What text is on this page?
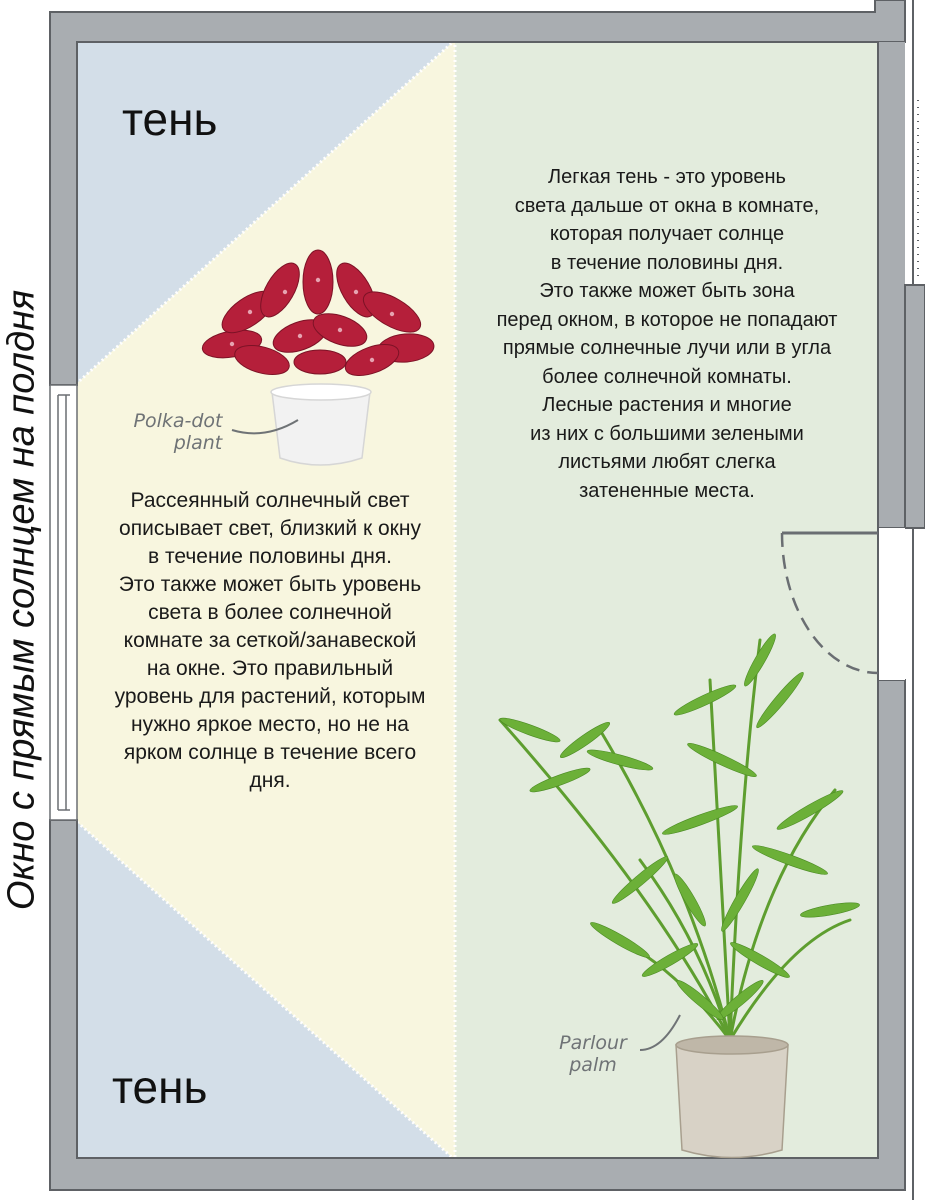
Окно с прямым солнцем на полдня
тень
тень
Polka-dot
plant
Parlour
palm
Рассеянный солнечный свет
описывает свет, близкий к окну
в течение половины дня.
Это также может быть уровень
света в более солнечной
комнате за сеткой/занавеской
на окне. Это правильный
уровень для растений, которым
нужно яркое место, но не на
ярком солнце в течение всего
дня.
Легкая тень - это уровень
света дальше от окна в комнате,
которая получает солнце
в течение половины дня.
Это также может быть зона
перед окном, в которое не попадают
прямые солнечные лучи или в угла
более солнечной комнаты.
Лесные растения и многие
из них с большими зелеными
листьями любят слегка
затененные места.
